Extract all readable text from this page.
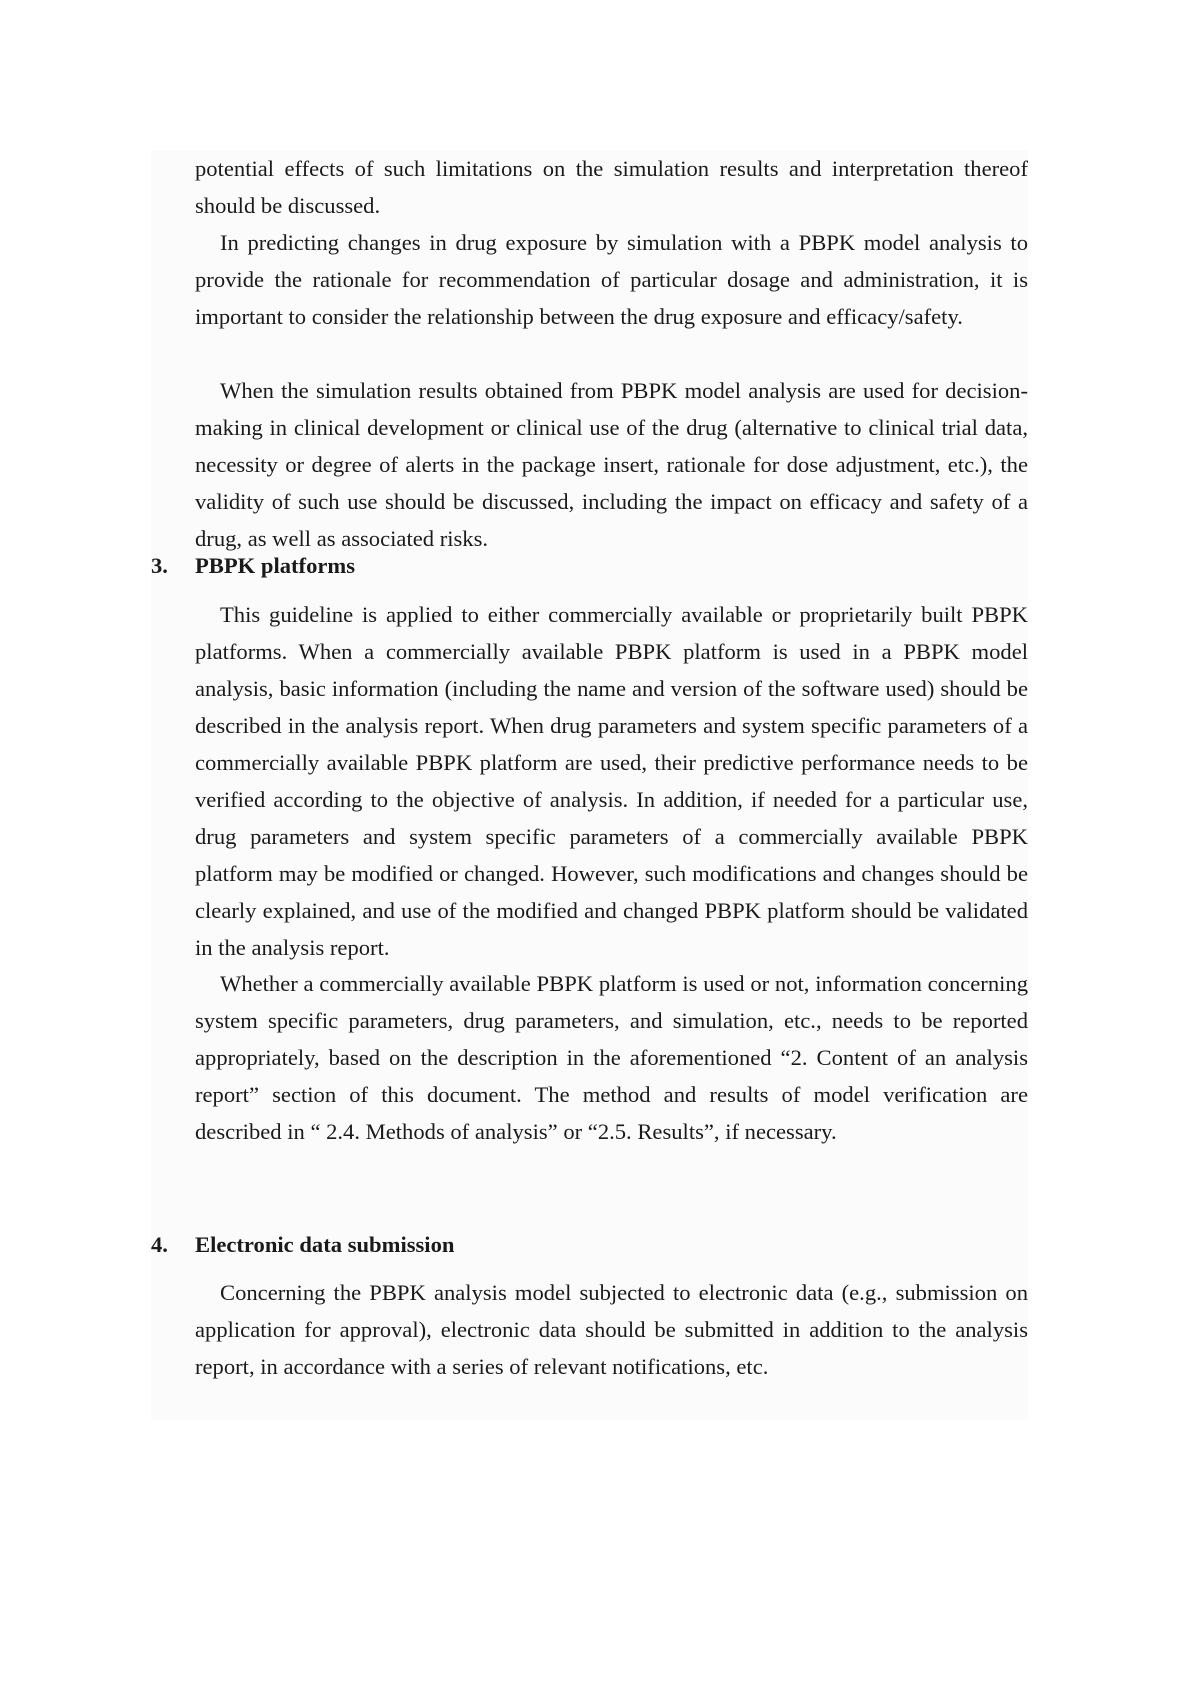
potential effects of such limitations on the simulation results and interpretation thereof should be discussed.

In predicting changes in drug exposure by simulation with a PBPK model analysis to provide the rationale for recommendation of particular dosage and administration, it is important to consider the relationship between the drug exposure and efficacy/safety.

When the simulation results obtained from PBPK model analysis are used for decision-making in clinical development or clinical use of the drug (alternative to clinical trial data, necessity or degree of alerts in the package insert, rationale for dose adjustment, etc.), the validity of such use should be discussed, including the impact on efficacy and safety of a drug, as well as associated risks.

3. PBPK platforms

This guideline is applied to either commercially available or proprietarily built PBPK platforms. When a commercially available PBPK platform is used in a PBPK model analysis, basic information (including the name and version of the software used) should be described in the analysis report. When drug parameters and system specific parameters of a commercially available PBPK platform are used, their predictive performance needs to be verified according to the objective of analysis. In addition, if needed for a particular use, drug parameters and system specific parameters of a commercially available PBPK platform may be modified or changed. However, such modifications and changes should be clearly explained, and use of the modified and changed PBPK platform should be validated in the analysis report.

Whether a commercially available PBPK platform is used or not, information concerning system specific parameters, drug parameters, and simulation, etc., needs to be reported appropriately, based on the description in the aforementioned “2. Content of an analysis report” section of this document. The method and results of model verification are described in “ 2.4. Methods of analysis” or “2.5. Results”, if necessary.

4. Electronic data submission

Concerning the PBPK analysis model subjected to electronic data (e.g., submission on application for approval), electronic data should be submitted in addition to the analysis report, in accordance with a series of relevant notifications, etc.
